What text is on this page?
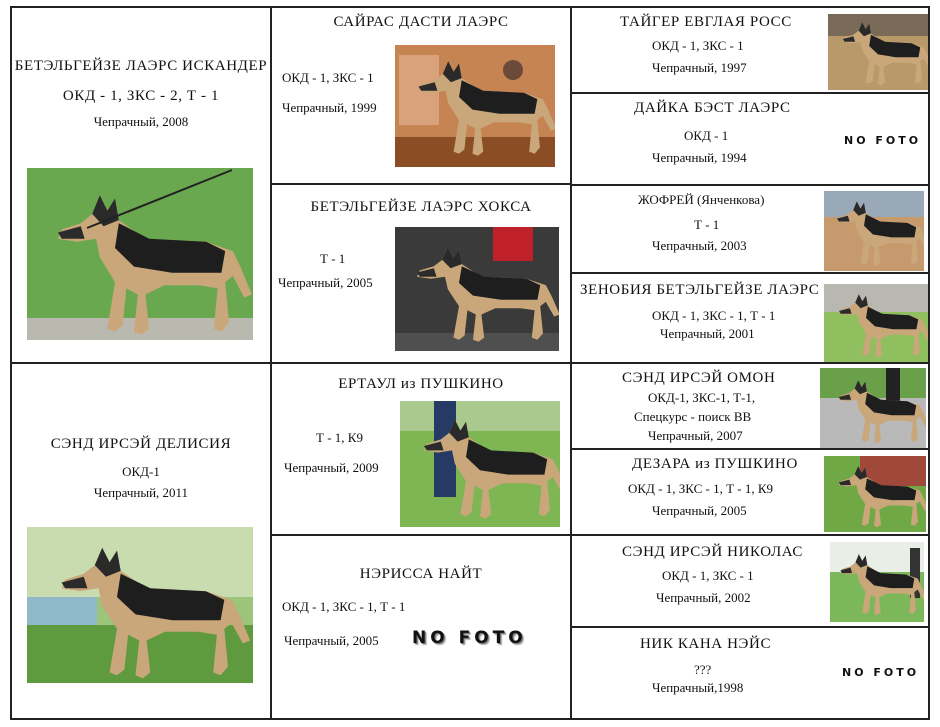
БЕТЭЛЬГЕЙЗЕ ЛАЭРС ИСКАНДЕР
ОКД - 1, ЗКС - 2, Т - 1
Чепрачный, 2008
СЭНД ИРСЭЙ ДЕЛИСИЯ
ОКД-1
Чепрачный, 2011
САЙРАС ДАСТИ ЛАЭРС
ОКД - 1, ЗКС - 1
Чепрачный, 1999
БЕТЭЛЬГЕЙЗЕ ЛАЭРС ХОКСА
Т - 1
Чепрачный, 2005
ЕРТАУЛ из ПУШКИНО
Т - 1, К9
Чепрачный, 2009
НЭРИССА НАЙТ
ОКД - 1, ЗКС - 1, Т - 1
Чепрачный, 2005 NO FOTO
ТАЙГЕР ЕВГЛАЯ РОСС
ОКД - 1, ЗКС - 1
Чепрачный, 1997
ДАЙКА БЭСТ ЛАЭРС
ОКД - 1
Чепрачный, 1994
NO FOTO
ЖОФРЕЙ (Янченкова)
Т - 1
Чепрачный, 2003
ЗЕНОБИЯ БЕТЭЛЬГЕЙЗЕ ЛАЭРС
ОКД - 1, ЗКС - 1, Т - 1
Чепрачный, 2001
СЭНД ИРСЭЙ ОМОН
ОКД-1, ЗКС-1, Т-1,
Спецкурс - поиск ВВ
Чепрачный, 2007
ДЕЗАРА из ПУШКИНО
ОКД - 1, ЗКС - 1, Т - 1, К9
Чепрачный, 2005
СЭНД ИРСЭЙ НИКОЛАС
ОКД - 1, ЗКС - 1
Чепрачный, 2002
НИК КАНА НЭЙС
???
Чепрачный,1998
NO FOTO
